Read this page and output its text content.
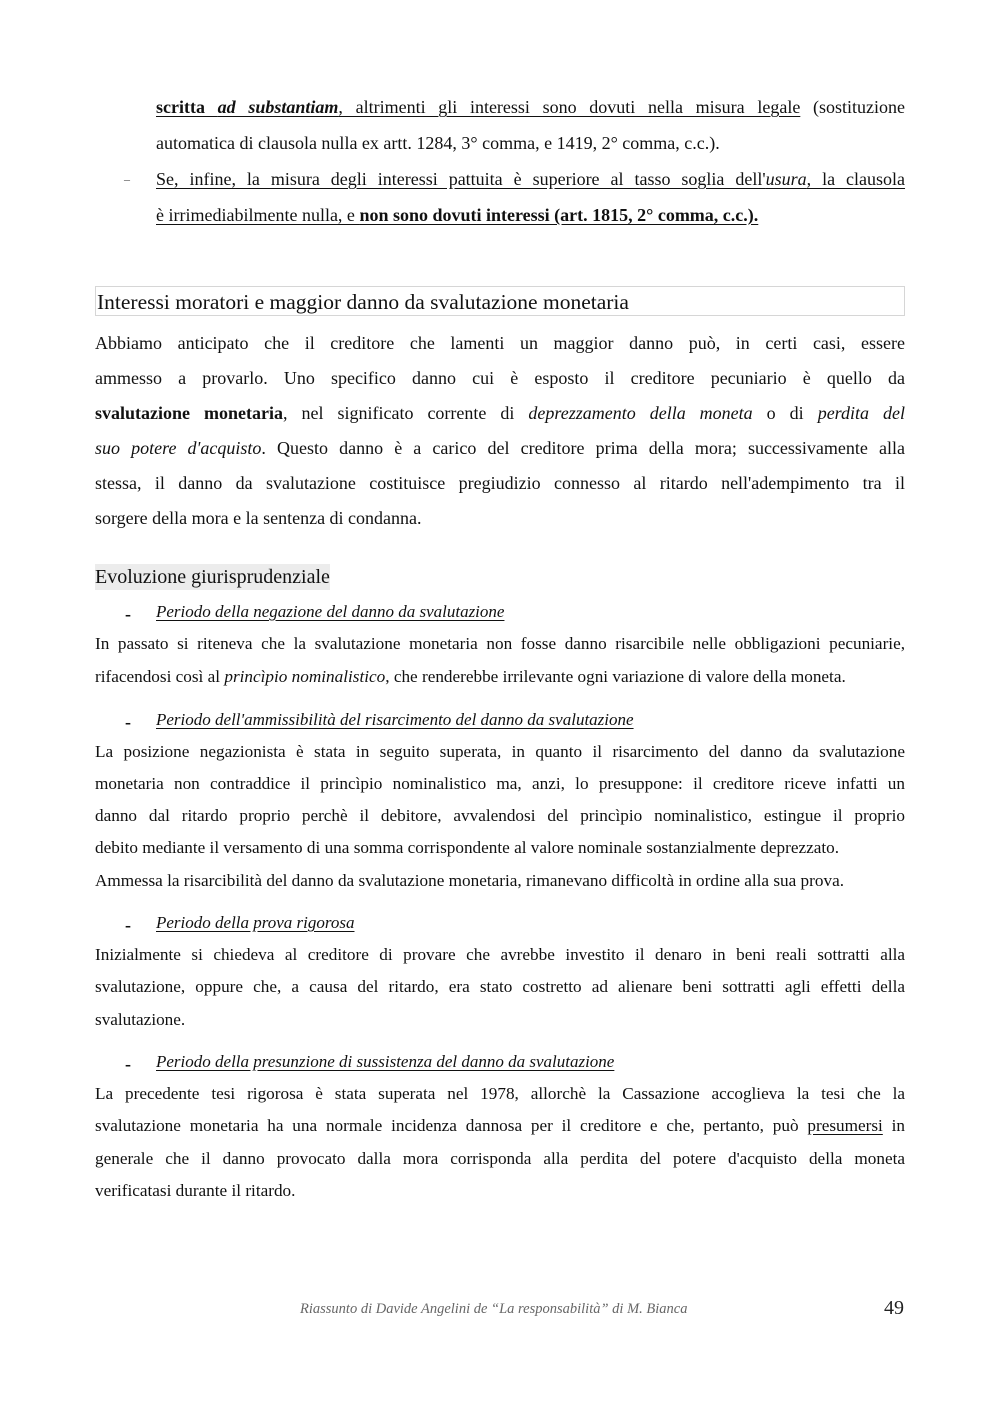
scritta ad substantiam, altrimenti gli interessi sono dovuti nella misura legale (sostituzione
automatica di clausola nulla ex artt. 1284, 3° comma, e 1419, 2° comma, c.c.).
‒ Se, infine, la misura degli interessi pattuita è superiore al tasso soglia dell'usura, la clausola
è irrimediabilmente nulla, e non sono dovuti interessi (art. 1815, 2° comma, c.c.).
Interessi moratori e maggior danno da svalutazione monetaria
Abbiamo anticipato che il creditore che lamenti un maggior danno può, in certi casi, essere
ammesso a provarlo. Uno specifico danno cui è esposto il creditore pecuniario è quello da
svalutazione monetaria, nel significato corrente di deprezzamento della moneta o di perdita del
suo potere d'acquisto. Questo danno è a carico del creditore prima della mora; successivamente alla
stessa, il danno da svalutazione costituisce pregiudizio connesso al ritardo nell'adempimento tra il
sorgere della mora e la sentenza di condanna.
Evoluzione giurisprudenziale
- Periodo della negazione del danno da svalutazione
In passato si riteneva che la svalutazione monetaria non fosse danno risarcibile nelle obbligazioni pecuniarie,
rifacendosi così al princìpio nominalistico, che renderebbe irrilevante ogni variazione di valore della moneta.
- Periodo dell'ammissibilità del risarcimento del danno da svalutazione
La posizione negazionista è stata in seguito superata, in quanto il risarcimento del danno da svalutazione
monetaria non contraddice il princìpio nominalistico ma, anzi, lo presuppone: il creditore riceve infatti un
danno dal ritardo proprio perchè il debitore, avvalendosi del princìpio nominalistico, estingue il proprio
debito mediante il versamento di una somma corrispondente al valore nominale sostanzialmente deprezzato.
Ammessa la risarcibilità del danno da svalutazione monetaria, rimanevano difficoltà in ordine alla sua prova.
- Periodo della prova rigorosa
Inizialmente si chiedeva al creditore di provare che avrebbe investito il denaro in beni reali sottratti alla
svalutazione, oppure che, a causa del ritardo, era stato costretto ad alienare beni sottratti agli effetti della
svalutazione.
- Periodo della presunzione di sussistenza del danno da svalutazione
La precedente tesi rigorosa è stata superata nel 1978, allorchè la Cassazione accoglieva la tesi che la
svalutazione monetaria ha una normale incidenza dannosa per il creditore e che, pertanto, può presumersi in
generale che il danno provocato dalla mora corrisponda alla perdita del potere d'acquisto della moneta
verificatasi durante il ritardo.
Riassunto di Davide Angelini de “La responsabilità” di M. Bianca	49
